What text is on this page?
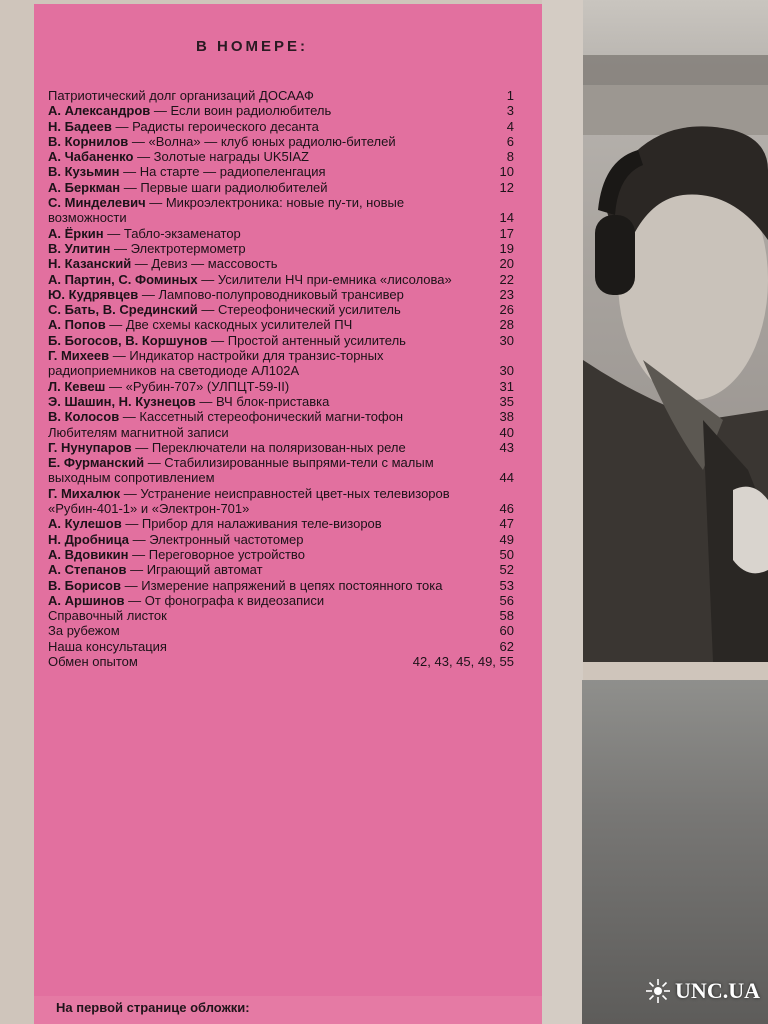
В НОМЕРЕ:
Патриотический долг организаций ДОСААФ	1
А. Александров — Если воин радиолюбитель	3
Н. Бадеев — Радисты героического десанта	4
В. Корнилов — «Волна» — клуб юных радиолю-бителей	6
А. Чабаненко — Золотые награды UK5IAZ	8
В. Кузьмин — На старте — радиопеленгация	10
А. Беркман — Первые шаги радиолюбителей	12
С. Минделевич — Микроэлектроника: новые пу-ти, новые возможности	14
А. Ёркин — Табло-экзаменатор	17
В. Улитин — Электротермометр	19
Н. Казанский — Девиз — массовость	20
А. Партин, С. Фоминых — Усилители НЧ при-емника «лисолова»	22
Ю. Кудрявцев — Лампово-полупроводниковый трансивер	23
С. Бать, В. Срединский — Стереофонический усилитель	26
А. Попов — Две схемы каскодных усилителей ПЧ	28
Б. Богосов, В. Коршунов — Простой антенный усилитель	30
Г. Михеев — Индикатор настройки для транзис-торных радиоприемников на светодиоде АЛ102А	30
Л. Кевеш — «Рубин-707» (УЛПЦТ-59-II)	31
Э. Шашин, Н. Кузнецов — ВЧ блок-приставка	35
В. Колосов — Кассетный стереофонический магни-тофон	38
Любителям магнитной записи	40
Г. Нунупаров — Переключатели на поляризован-ных реле	43
Е. Фурманский — Стабилизированные выпрями-тели с малым выходным сопротивлением	44
Г. Михалюк — Устранение неисправностей цвет-ных телевизоров «Рубин-401-1» и «Электрон-701»	46
А. Кулешов — Прибор для налаживания теле-визоров	47
Н. Дробница — Электронный частотомер	49
А. Вдовикин — Переговорное устройство	50
А. Степанов — Играющий автомат	52
В. Борисов — Измерение напряжений в цепях постоянного тока	53
А. Аршинов — От фонографа к видеозаписи	56
Справочный листок	58
За рубежом	60
Наша консультация	62
Обмен опытом	42, 43, 45, 49, 55
На первой странице обложки:
UNC.UA
